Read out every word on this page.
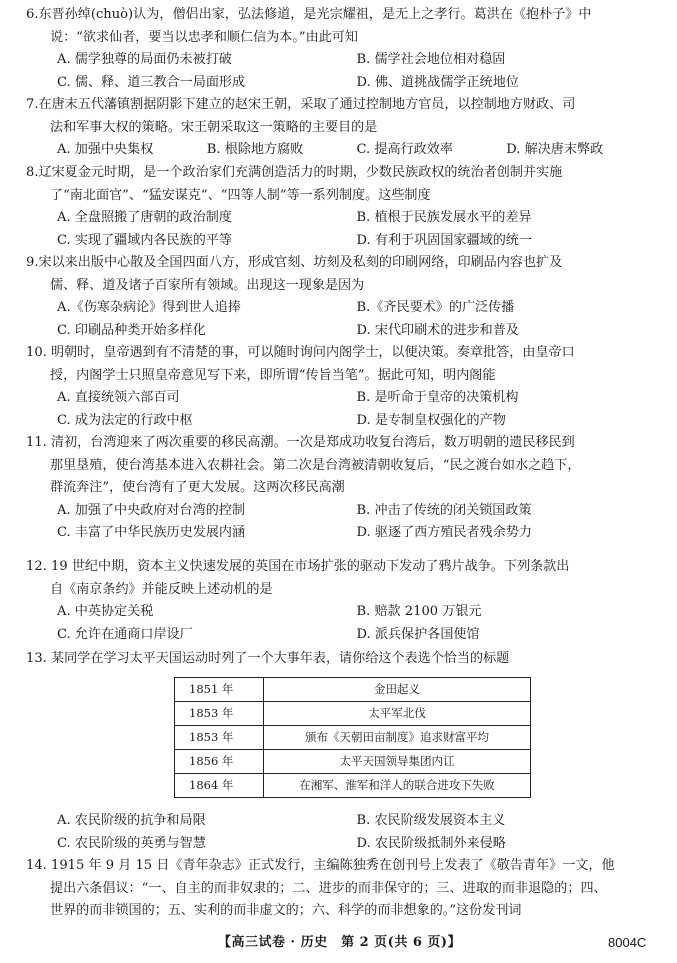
6.东晋孙绰(chuò)认为，僧侣出家，弘法修道，是光宗耀祖，是无上之孝行。葛洪在《抱朴子》中
说：“欲求仙者，要当以忠孝和顺仁信为本。”由此可知
A. 儒学独尊的局面仍未被打破	B. 儒学社会地位相对稳固
C. 儒、释、道三教合一局面形成	D. 佛、道挑战儒学正统地位
7.在唐末五代藩镇割据阴影下建立的赵宋王朝，采取了通过控制地方官员，以控制地方财政、司
法和军事大权的策略。宋王朝采取这一策略的主要目的是
A. 加强中央集权	B. 根除地方腐败	C. 提高行政效率	D. 解决唐末弊政
8.辽宋夏金元时期，是一个政治家们充满创造活力的时期，少数民族政权的统治者创制并实施
了“南北面官”、“猛安谋克”、“四等人制”等一系列制度。这些制度
A. 全盘照搬了唐朝的政治制度	B. 植根于民族发展水平的差异
C. 实现了疆域内各民族的平等	D. 有利于巩固国家疆域的统一
9.宋以来出版中心散及全国四面八方，形成官刻、坊刻及私刻的印刷网络，印刷品内容也扩及
儒、释、道及诸子百家所有领域。出现这一现象是因为
A.《伤寒杂病论》得到世人追捧	B.《齐民要术》的广泛传播
C. 印刷品种类开始多样化	D. 宋代印刷术的进步和普及
10. 明朝时，皇帝遇到有不清楚的事，可以随时询问内阁学士，以便决策。奏章批答，由皇帝口
授，内阁学士只照皇帝意见写下来，即所谓“传旨当笔”。据此可知，明内阁能
A. 直接统领六部百司	B. 是听命于皇帝的决策机构
C. 成为法定的行政中枢	D. 是专制皇权强化的产物
11. 清初，台湾迎来了两次重要的移民高潮。一次是郑成功收复台湾后，数万明朝的遗民移民到
那里垦殖，使台湾基本进入农耕社会。第二次是台湾被清朝收复后，“民之渡台如水之趋下，
群流奔注”，使台湾有了更大发展。这两次移民高潮
A. 加强了中央政府对台湾的控制	B. 冲击了传统的闭关锁国政策
C. 丰富了中华民族历史发展内涵	D. 驱逐了西方殖民者残余势力
12. 19 世纪中期，资本主义快速发展的英国在市场扩张的驱动下发动了鸦片战争。下列条款出
自《南京条约》并能反映上述动机的是
A. 中英协定关税	B. 赔款 2100 万银元
C. 允许在通商口岸设厂	D. 派兵保护各国使馆
13. 某同学在学习太平天国运动时列了一个大事年表，请你给这个表选个恰当的标题
1851 年	金田起义
1853 年	太平军北伐
1853 年	颁布《天朝田亩制度》追求财富平均
1856 年	太平天国领导集团内讧
1864 年	在湘军、淮军和洋人的联合进攻下失败
A. 农民阶级的抗争和局限	B. 农民阶级发展资本主义
C. 农民阶级的英勇与智慧	D. 农民阶级抵制外来侵略
14. 1915 年 9 月 15 日《青年杂志》正式发行，主编陈独秀在创刊号上发表了《敬告青年》一文，他
提出六条倡议：“一、自主的而非奴隶的；二、进步的而非保守的；三、进取的而非退隐的；四、
世界的而非锁国的；五、实利的而非虚文的；六、科学的而非想象的。”这份发刊词
【高三试卷 · 历史　第 2 页(共 6 页)】	8004C
